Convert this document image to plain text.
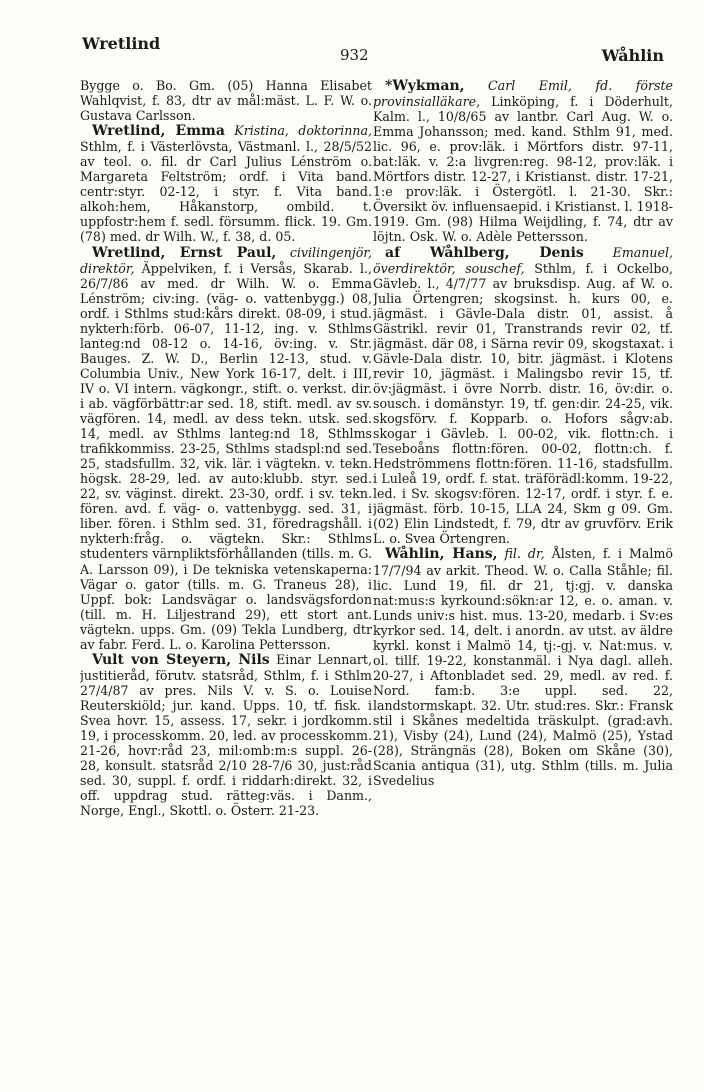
Wretlind
932	Wåhlin

Bygge o. Bo. Gm. (05) Hanna Elisabet Wahlqvist, f. 83, dtr av mål:mäst. L. F. W. o. Gustava Carlsson.

Wretlind, Emma Kristina, doktorinna, Sthlm, f. i Västerlövsta, Västmanl. l., 28/5/52 av teol. o. fil. dr Carl Julius Lénström o. Margareta Feltström; ordf. i Vita band. centr:styr. 02-12, i styr. f. Vita band. alkoh:hem, Håkanstorp, ombild. t. uppfostr:hem f. sedl. försumm. flick. 19. Gm. (78) med. dr Wilh. W., f. 38, d. 05.

Wretlind, Ernst Paul, civilingenjör, direktör, Äppelviken, f. i Versås, Skarab. l., 26/7/86 av med. dr Wilh. W. o. Emma Lénström; civ:ing. (väg- o. vattenbygg.) 08, ordf. i Sthlms stud:kårs direkt. 08-09, i stud. nykterh:förb. 06-07, 11-12, ing. v. Sthlms lanteg:nd 08-12 o. 14-16, öv:ing. v. Str. Bauges. Z. W. D., Berlin 12-13, stud. v. Columbia Univ., New York 16-17, delt. i III, IV o. VI intern. vägkongr., stift. o. verkst. dir. i ab. vägförbättr:ar sed. 18, stift. medl. av sv. vägfören. 14, medl. av dess tekn. utsk. sed. 14, medl. av Sthlms lanteg:nd 18, Sthlms trafikkommiss. 23-25, Sthlms stadspl:nd sed. 25, stadsfullm. 32, vik. lär. i vägtekn. v. tekn. högsk. 28-29, led. av auto:klubb. styr. sed. 22, sv. väginst. direkt. 23-30, ordf. i sv. tekn. fören. avd. f. väg- o. vattenbygg. sed. 31, i liber. fören. i Sthlm sed. 31, föredragshåll. i nykterh:fråg. o. vägtekn. Skr.: Sthlms studenters värnpliktsförhållanden (tills. m. G. A. Larsson 09), i De tekniska vetenskaperna: Vägar o. gator (tills. m. G. Traneus 28), i Uppf. bok: Landsvägar o. landsvägsfordon (till. m. H. Liljestrand 29), ett stort ant. vägtekn. upps. Gm. (09) Tekla Lundberg, dtr av fabr. Ferd. L. o. Karolina Pettersson.

Vult von Steyern, Nils Einar Lennart, justitieråd, förutv. statsråd, Sthlm, f. i Sthlm 27/4/87 av pres. Nils V. v. S. o. Louise Reuterskiöld; jur. kand. Upps. 10, tf. fisk. i Svea hovr. 15, assess. 17, sekr. i jordkomm. 19, i processkomm. 20, led. av processkomm. 21-26, hovr:råd 23, mil:omb:m:s suppl. 26-28, konsult. statsråd 2/10 28-7/6 30, just:råd sed. 30, suppl. f. ordf. i riddarh:direkt. 32, i off. uppdrag stud. rätteg:väs. i Danm., Norge, Engl., Skottl. o. Österr. 21-23.

*Wykman, Carl Emil, fd. förste provinsialläkare, Linköping, f. i Döderhult, Kalm. l., 10/8/65 av lantbr. Carl Aug. W. o. Emma Johansson; med. kand. Sthlm 91, med. lic. 96, e. prov:läk. i Mörtfors distr. 97-11, bat:läk. v. 2:a livgren:reg. 98-12, prov:läk. i Mörtfors distr. 12-27, i Kristianst. distr. 17-21, 1:e prov:läk. i Östergötl. l. 21-30. Skr.: Översikt öv. influensaepid. i Kristianst. l. 1918-1919. Gm. (98) Hilma Weijdling, f. 74, dtr av löjtn. Osk. W. o. Adèle Pettersson.

af Wåhlberg, Denis Emanuel, överdirektör, souschef, Sthlm, f. i Ockelbo, Gävleb. l., 4/7/77 av bruksdisp. Aug. af W. o. Julia Örtengren; skogsinst. h. kurs 00, e. jägmäst. i Gävle-Dala distr. 01, assist. å Gästrikl. revir 01, Transtrands revir 02, tf. jägmäst. där 08, i Särna revir 09, skogstaxat. i Gävle-Dala distr. 10, bitr. jägmäst. i Klotens revir 10, jägmäst. i Malingsbo revir 15, tf. öv:jägmäst. i övre Norrb. distr. 16, öv:dir. o. sousch. i domänstyr. 19, tf. gen:dir. 24-25, vik. skogsförv. f. Kopparb. o. Hofors sågv:ab. skogar i Gävleb. l. 00-02, vik. flottn:ch. i Teseboåns flottn:fören. 00-02, flottn:ch. f. Hedströmmens flottn:fören. 11-16, stadsfullm. i Luleå 19, ordf. f. stat. träförädl:komm. 19-22, led. i Sv. skogsv:fören. 12-17, ordf. i styr. f. e. jägmäst. förb. 10-15, LLA 24, Skm g 09. Gm. (02) Elin Lindstedt, f. 79, dtr av gruvförv. Erik L. o. Svea Örtengren.

Wåhlin, Hans, fil. dr, Ålsten, f. i Malmö 17/7/94 av arkit. Theod. W. o. Calla Ståhle; fil. lic. Lund 19, fil. dr 21, tj:gj. v. danska nat:mus:s kyrkound:sökn:ar 12, e. o. aman. v. Lunds univ:s hist. mus. 13-20, medarb. i Sv:es kyrkor sed. 14, delt. i anordn. av utst. av äldre kyrkl. konst i Malmö 14, tj:-gj. v. Nat:mus. v. ol. tillf. 19-22, konstanmäl. i Nya dagl. alleh. 20-27, i Aftonbladet sed. 29, medl. av red. f. Nord. fam:b. 3:e uppl. sed. 22, landstormskapt. 32. Utr. stud:res. Skr.: Fransk stil i Skånes medeltida träskulpt. (grad:avh. 21), Visby (24), Lund (24), Malmö (25), Ystad (28), Strängnäs (28), Boken om Skåne (30), Scania antiqua (31), utg. Sthlm (tills. m. Julia Svedelius
